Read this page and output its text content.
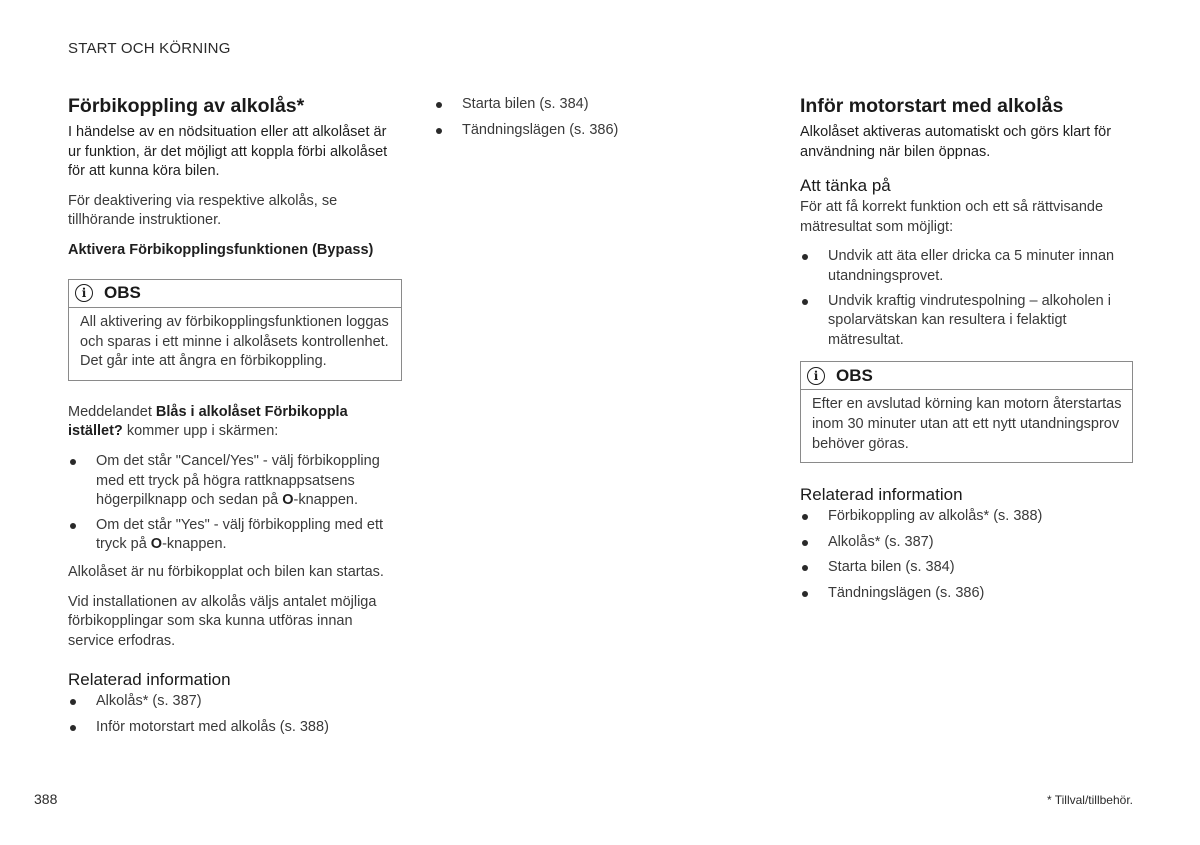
START OCH KÖRNING
Förbikoppling av alkolås*
I händelse av en nödsituation eller att alkolåset är ur funktion, är det möjligt att koppla förbi alkolåset för att kunna köra bilen.
För deaktivering via respektive alkolås, se tillhörande instruktioner.
Aktivera Förbikopplingsfunktionen (Bypass)
i	OBS
All aktivering av förbikopplingsfunktionen loggas och sparas i ett minne i alkolåsets kontrollenhet. Det går inte att ångra en förbikoppling.
Meddelandet Blås i alkolåset Förbikoppla istället? kommer upp i skärmen:
Om det står "Cancel/Yes" - välj förbikoppling med ett tryck på högra rattknappsatsens högerpilknapp och sedan på O-knappen.
Om det står "Yes" - välj förbikoppling med ett tryck på O-knappen.
Alkolåset är nu förbikopplat och bilen kan startas.
Vid installationen av alkolås väljs antalet möjliga förbikopplingar som ska kunna utföras innan service erfodras.
Relaterad information
Alkolås* (s. 387)
Inför motorstart med alkolås (s. 388)
Starta bilen (s. 384)
Tändningslägen (s. 386)
Inför motorstart med alkolås
Alkolåset aktiveras automatiskt och görs klart för användning när bilen öppnas.
Att tänka på
För att få korrekt funktion och ett så rättvisande mätresultat som möjligt:
Undvik att äta eller dricka ca 5 minuter innan utandningsprovet.
Undvik kraftig vindrutespolning – alkoholen i spolarvätskan kan resultera i felaktigt mätresultat.
i	OBS
Efter en avslutad körning kan motorn återstartas inom 30 minuter utan att ett nytt utandningsprov behöver göras.
Relaterad information
Förbikoppling av alkolås* (s. 388)
Alkolås* (s. 387)
Starta bilen (s. 384)
Tändningslägen (s. 386)
388	* Tillval/tillbehör.
